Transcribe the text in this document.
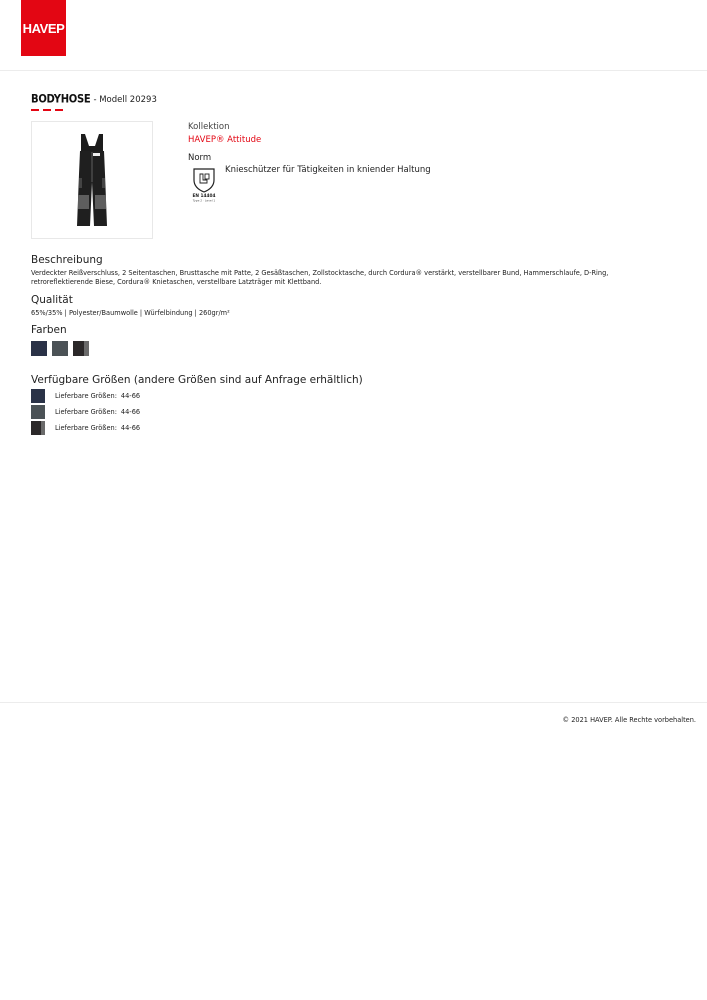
HAVEP
BODYHOSE - Modell 20293
Kollektion
HAVEP® Attitude
Norm
EN 14404
Type 2 · Level 1
Knieschützer für Tätigkeiten in kniender Haltung
Beschreibung
Verdeckter Reißverschluss, 2 Seitentaschen, Brusttasche mit Patte, 2 Gesäßtaschen, Zollstocktasche, durch Cordura® verstärkt, verstellbarer Bund, Hammerschlaufe, D-Ring, retroreflektierende Biese, Cordura® Knietaschen, verstellbare Latzträger mit Klettband.
Qualität
65%/35% | Polyester/Baumwolle | Würfelbindung | 260gr/m²
Farben
Verfügbare Größen (andere Größen sind auf Anfrage erhältlich)
Lieferbare Größen: 44-66
Lieferbare Größen: 44-66
Lieferbare Größen: 44-66
© 2021 HAVEP. Alle Rechte vorbehalten.
